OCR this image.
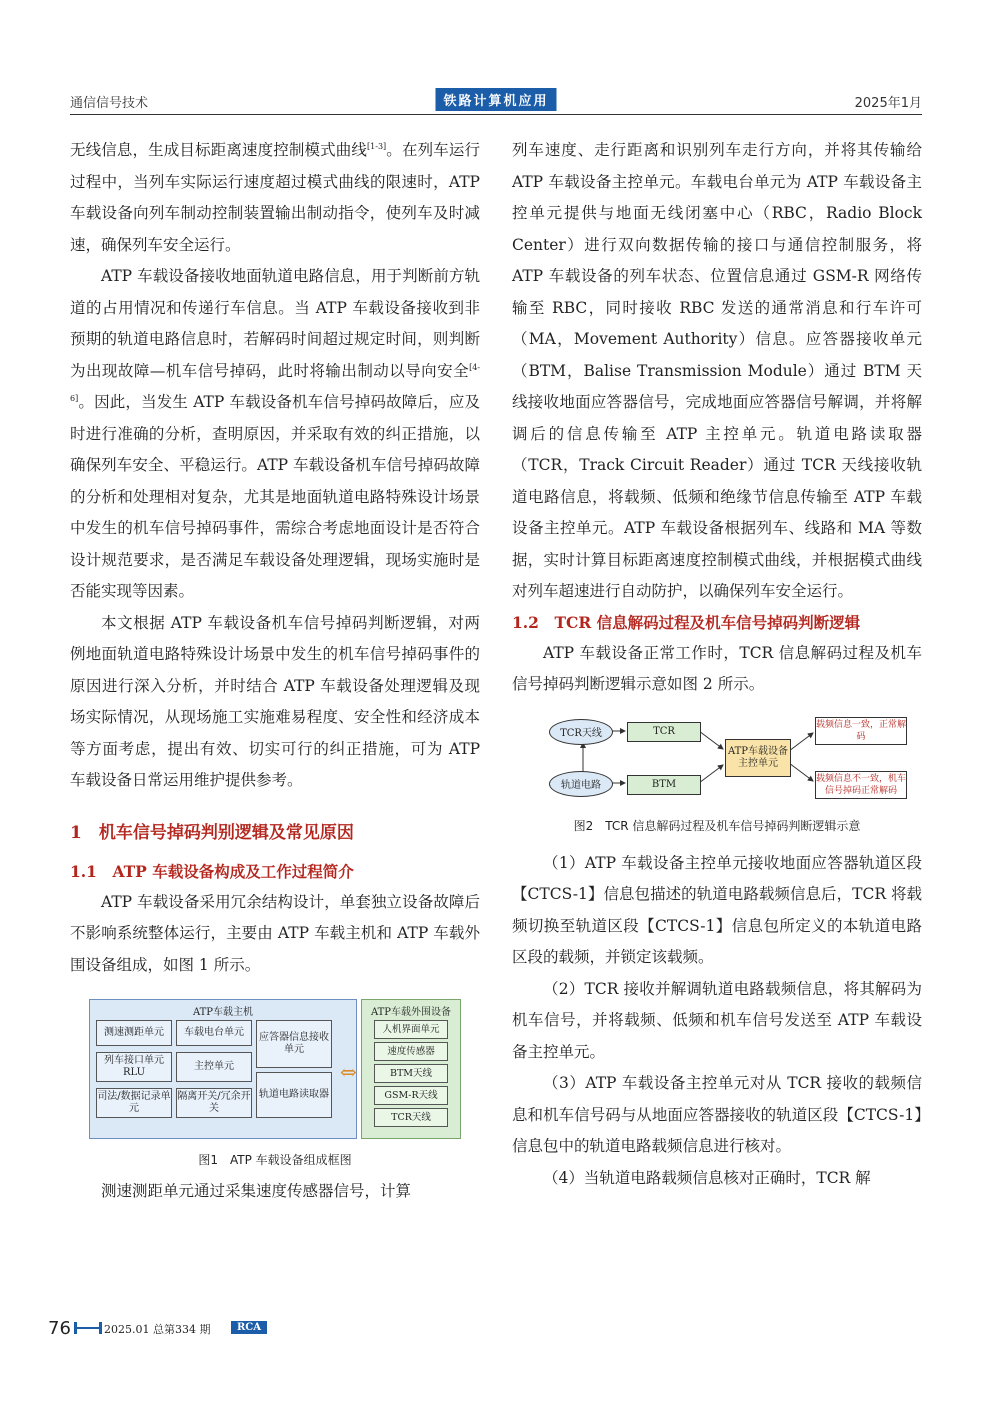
通信信号技术	铁路计算机应用	2025年1月

无线信息，生成目标距离速度控制模式曲线[1-3]。在列车运行过程中，当列车实际运行速度超过模式曲线的限速时，ATP 车载设备向列车制动控制装置输出制动指令，使列车及时减速，确保列车安全运行。

ATP 车载设备接收地面轨道电路信息，用于判断前方轨道的占用情况和传递行车信息。当 ATP 车载设备接收到非预期的轨道电路信息时，若解码时间超过规定时间，则判断为出现故障—机车信号掉码，此时将输出制动以导向安全[4-6]。因此，当发生 ATP 车载设备机车信号掉码故障后，应及时进行准确的分析，查明原因，并采取有效的纠正措施，以确保列车安全、平稳运行。ATP 车载设备机车信号掉码故障的分析和处理相对复杂，尤其是地面轨道电路特殊设计场景中发生的机车信号掉码事件，需综合考虑地面设计是否符合设计规范要求，是否满足车载设备处理逻辑，现场实施时是否能实现等因素。

本文根据 ATP 车载设备机车信号掉码判断逻辑，对两例地面轨道电路特殊设计场景中发生的机车信号掉码事件的原因进行深入分析，并时结合 ATP 车载设备处理逻辑及现场实际情况，从现场施工实施难易程度、安全性和经济成本等方面考虑，提出有效、切实可行的纠正措施，可为 ATP 车载设备日常运用维护提供参考。

1　机车信号掉码判别逻辑及常见原因
1.1　ATP 车载设备构成及工作过程简介

ATP 车载设备采用冗余结构设计，单套独立设备故障后不影响系统整体运行，主要由 ATP 车载主机和 ATP 车载外围设备组成，如图 1 所示。

ATP车载主机
测速测距单元	车载电台单元	应答器信息接收单元
列车接口单元RLU
主控单元
轨道电路读取器
司法/数据记录单元
隔离开关/冗余开关
⇔
ATP车载外围设备
人机界面单元
速度传感器
BTM天线
GSM-R天线
TCR天线
图1　ATP 车载设备组成框图

测速测距单元通过采集速度传感器信号，计算

列车速度、走行距离和识别列车走行方向，并将其传输给 ATP 车载设备主控单元。车载电台单元为 ATP 车载设备主控单元提供与地面无线闭塞中心（RBC，Radio Block Center）进行双向数据传输的接口与通信控制服务，将 ATP 车载设备的列车状态、位置信息通过 GSM-R 网络传输至 RBC，同时接收 RBC 发送的通常消息和行车许可（MA，Movement Authority）信息。应答器接收单元（BTM，Balise Transmission Module）通过 BTM 天线接收地面应答器信号，完成地面应答器信号解调，并将解调后的信息传输至 ATP 主控单元。轨道电路读取器（TCR，Track Circuit Reader）通过 TCR 天线接收轨道电路信息，将载频、低频和绝缘节信息传输至 ATP 车载设备主控单元。ATP 车载设备根据列车、线路和 MA 等数据，实时计算目标距离速度控制模式曲线，并根据模式曲线对列车超速进行自动防护，以确保列车安全运行。

1.2　TCR 信息解码过程及机车信号掉码判断逻辑

ATP 车载设备正常工作时，TCR 信息解码过程及机车信号掉码判断逻辑示意如图 2 所示。

TCR天线
轨道电路
TCR
BTM
ATP车载设备主控单元
载频信息一致，正常解码
载频信息不一致，机车信号掉码正常解码
图2　TCR 信息解码过程及机车信号掉码判断逻辑示意

（1）ATP 车载设备主控单元接收地面应答器轨道区段【CTCS-1】信息包描述的轨道电路载频信息后，TCR 将载频切换至轨道区段【CTCS-1】信息包所定义的本轨道电路区段的载频，并锁定该载频。

（2）TCR 接收并解调轨道电路载频信息，将其解码为机车信号，并将载频、低频和机车信号发送至 ATP 车载设备主控单元。

（3）ATP 车载设备主控单元对从 TCR 接收的载频信息和机车信号码与从地面应答器接收的轨道区段【CTCS-1】信息包中的轨道电路载频信息进行核对。

（4）当轨道电路载频信息核对正确时，TCR 解

76	2025.01 总第334 期	RCA
